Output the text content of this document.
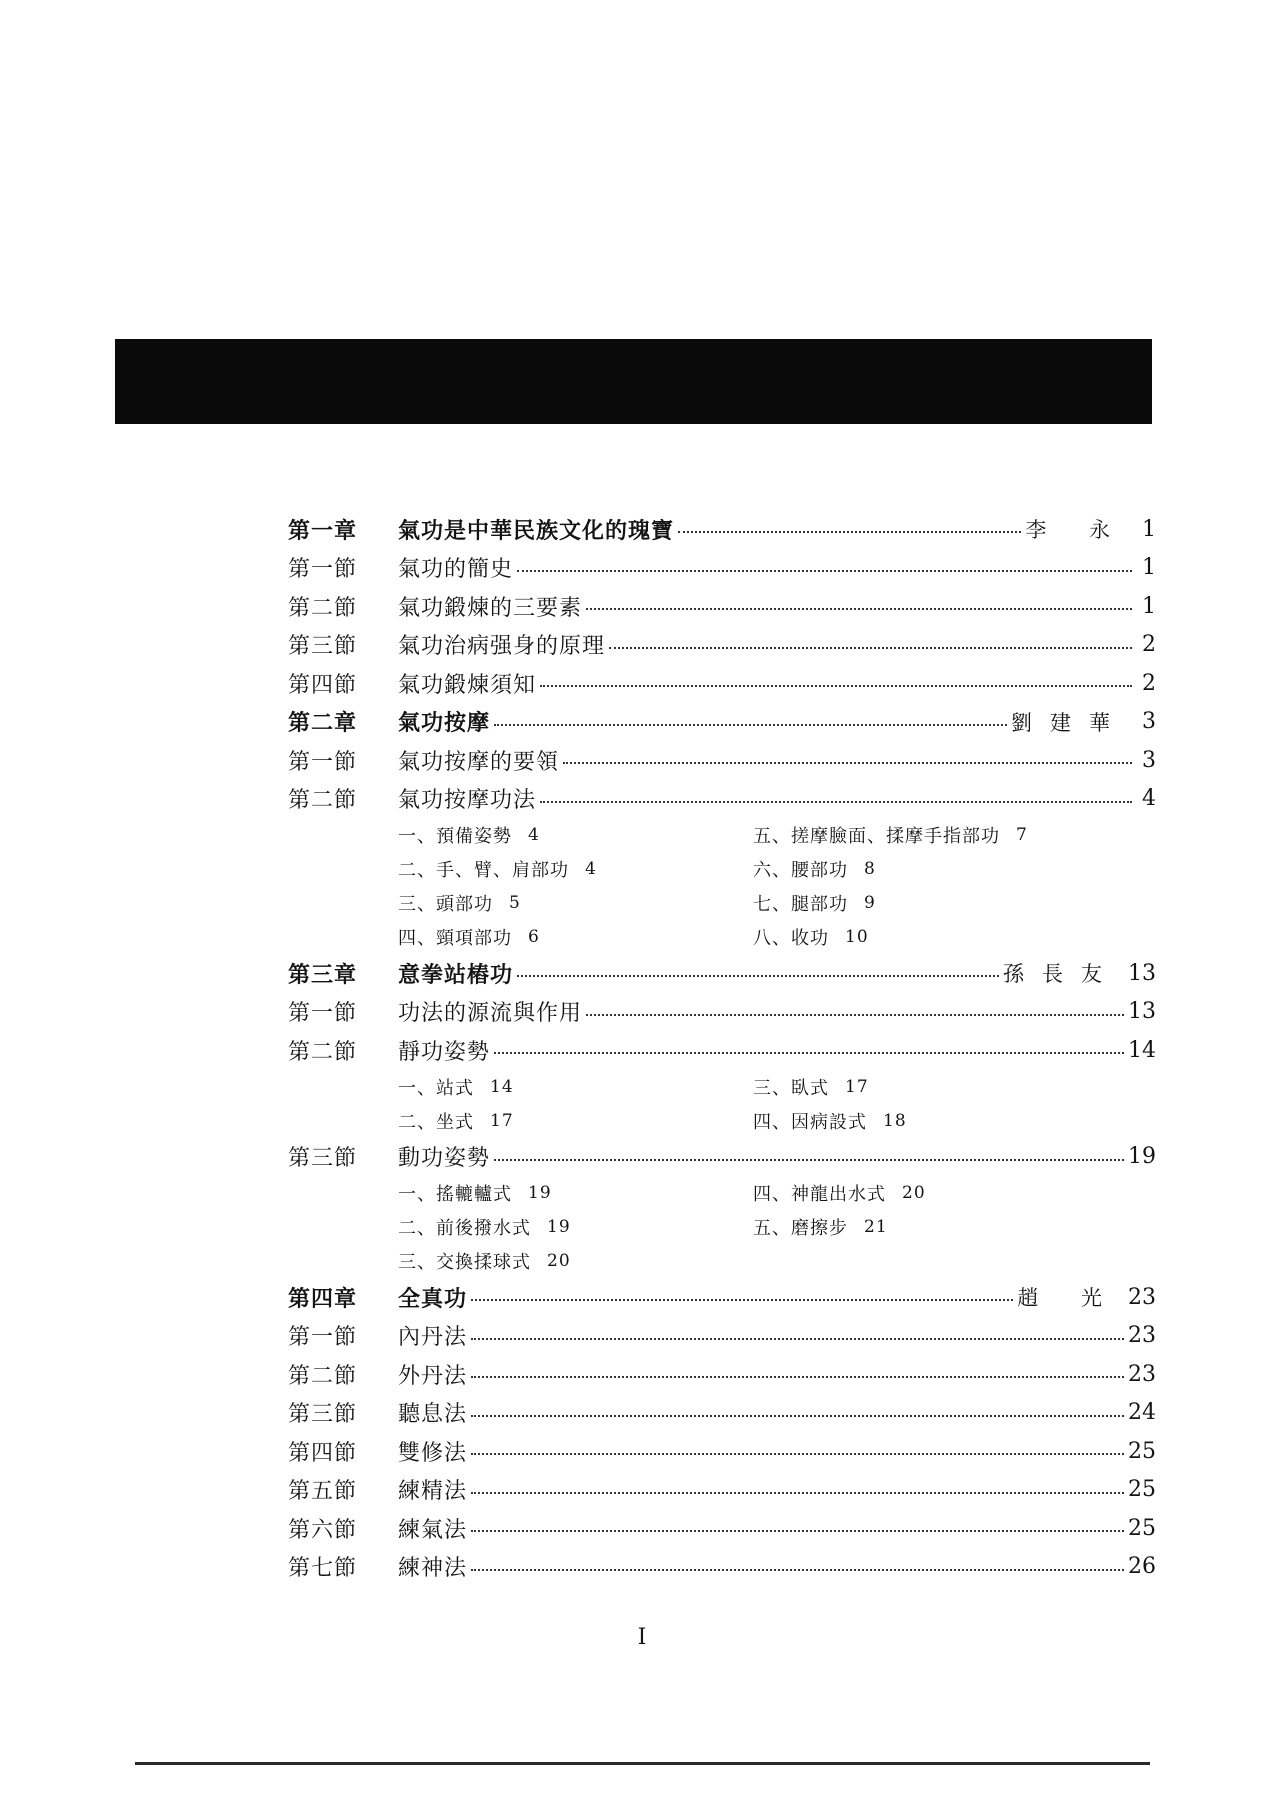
第一章	氣功是中華民族文化的瑰寶	李 永 1
第一節	氣功的簡史	1
第二節	氣功鍛煉的三要素	1
第三節	氣功治病强身的原理	2
第四節	氣功鍛煉須知	2
第二章	氣功按摩	劉建華 3
第一節	氣功按摩的要領	3
第二節	氣功按摩功法	4
一、預備姿勢 4	五、搓摩臉面、揉摩手指部功 7
二、手、臂、肩部功 4	六、腰部功 8
三、頭部功 5	七、腿部功 9
四、頸項部功 6	八、收功 10
第三章	意拳站樁功	孫長友 13
第一節	功法的源流與作用	13
第二節	靜功姿勢	14
一、站式 14	三、臥式 17
二、坐式 17	四、因病設式 18
第三節	動功姿勢	19
一、搖轆轤式 19	四、神龍出水式 20
二、前後撥水式 19	五、磨擦步 21
三、交換揉球式 20
第四章	全真功	趙 光 23
第一節	內丹法	23
第二節	外丹法	23
第三節	聽息法	24
第四節	雙修法	25
第五節	練精法	25
第六節	練氣法	25
第七節	練神法	26
I
